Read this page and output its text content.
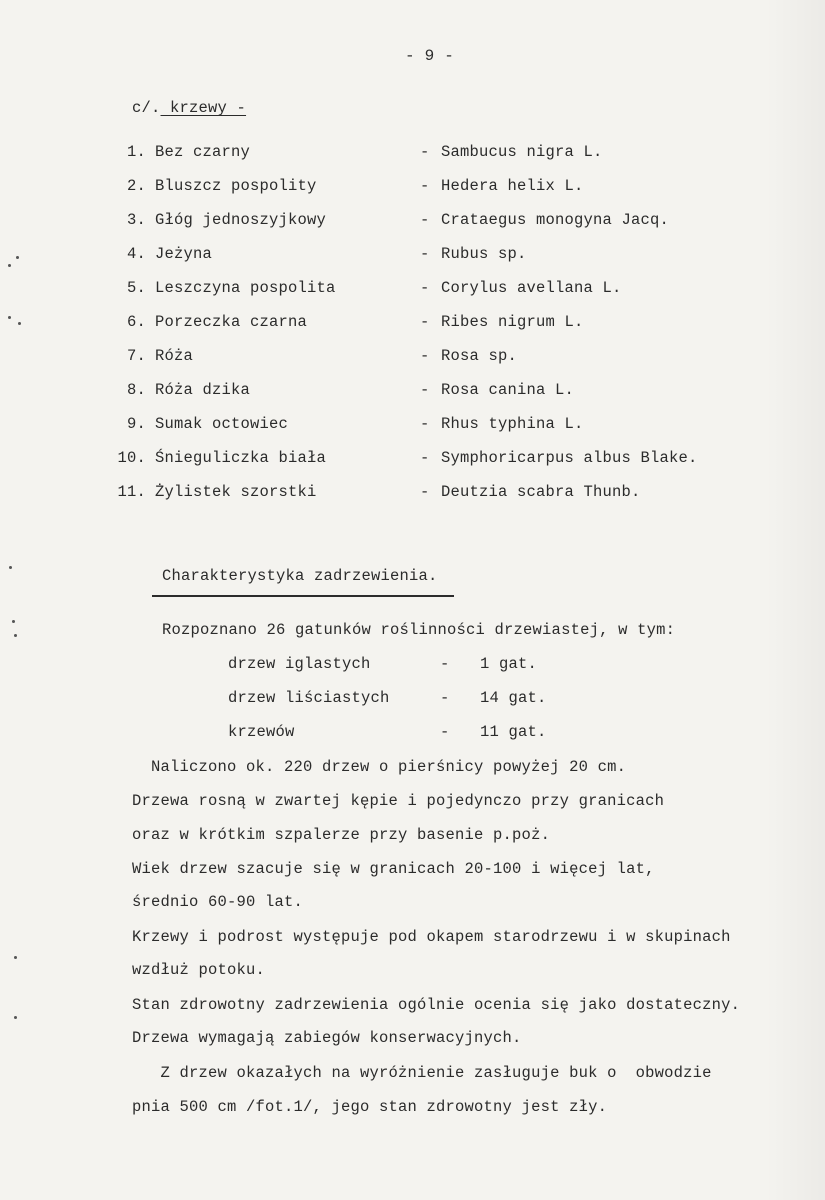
- 9 -
c/. krzewy -
1. Bez czarny	- Sambucus nigra L.
2. Bluszcz pospolity	- Hedera helix L.
3. Głóg jednoszyjkowy	- Crataegus monogyna Jacq.
4. Jeżyna	- Rubus sp.
5. Leszczyna pospolita	- Corylus avellana L.
6. Porzeczka czarna	- Ribes nigrum L.
7. Róża	- Rosa sp.
8. Róża dzika	- Rosa canina L.
9. Sumak octowiec	- Rhus typhina L.
10. Śnieguliczka biała	- Symphoricarpus albus Blake.
11. Żylistek szorstki	- Deutzia scabra Thunb.
Charakterystyka zadrzewienia.
Rozpoznano 26 gatunków roślinności drzewiastej, w tym:
drzew iglastych	- 1 gat.
drzew liściastych	- 14 gat.
krzewów	- 11 gat.
Naliczono ok. 220 drzew o pierśnicy powyżej 20 cm.
Drzewa rosną w zwartej kępie i pojedynczo przy granicach
oraz w krótkim szpalerze przy basenie p.poż.
Wiek drzew szacuje się w granicach 20-100 i więcej lat,
średnio 60-90 lat.
Krzewy i podrost występuje pod okapem starodrzewu i w skupinach
wzdłuż potoku.
Stan zdrowotny zadrzewienia ogólnie ocenia się jako dostateczny.
Drzewa wymagają zabiegów konserwacyjnych.
Z drzew okazałych na wyróżnienie zasługuje buk o  obwodzie
pnia 500 cm /fot.1/, jego stan zdrowotny jest zły.
